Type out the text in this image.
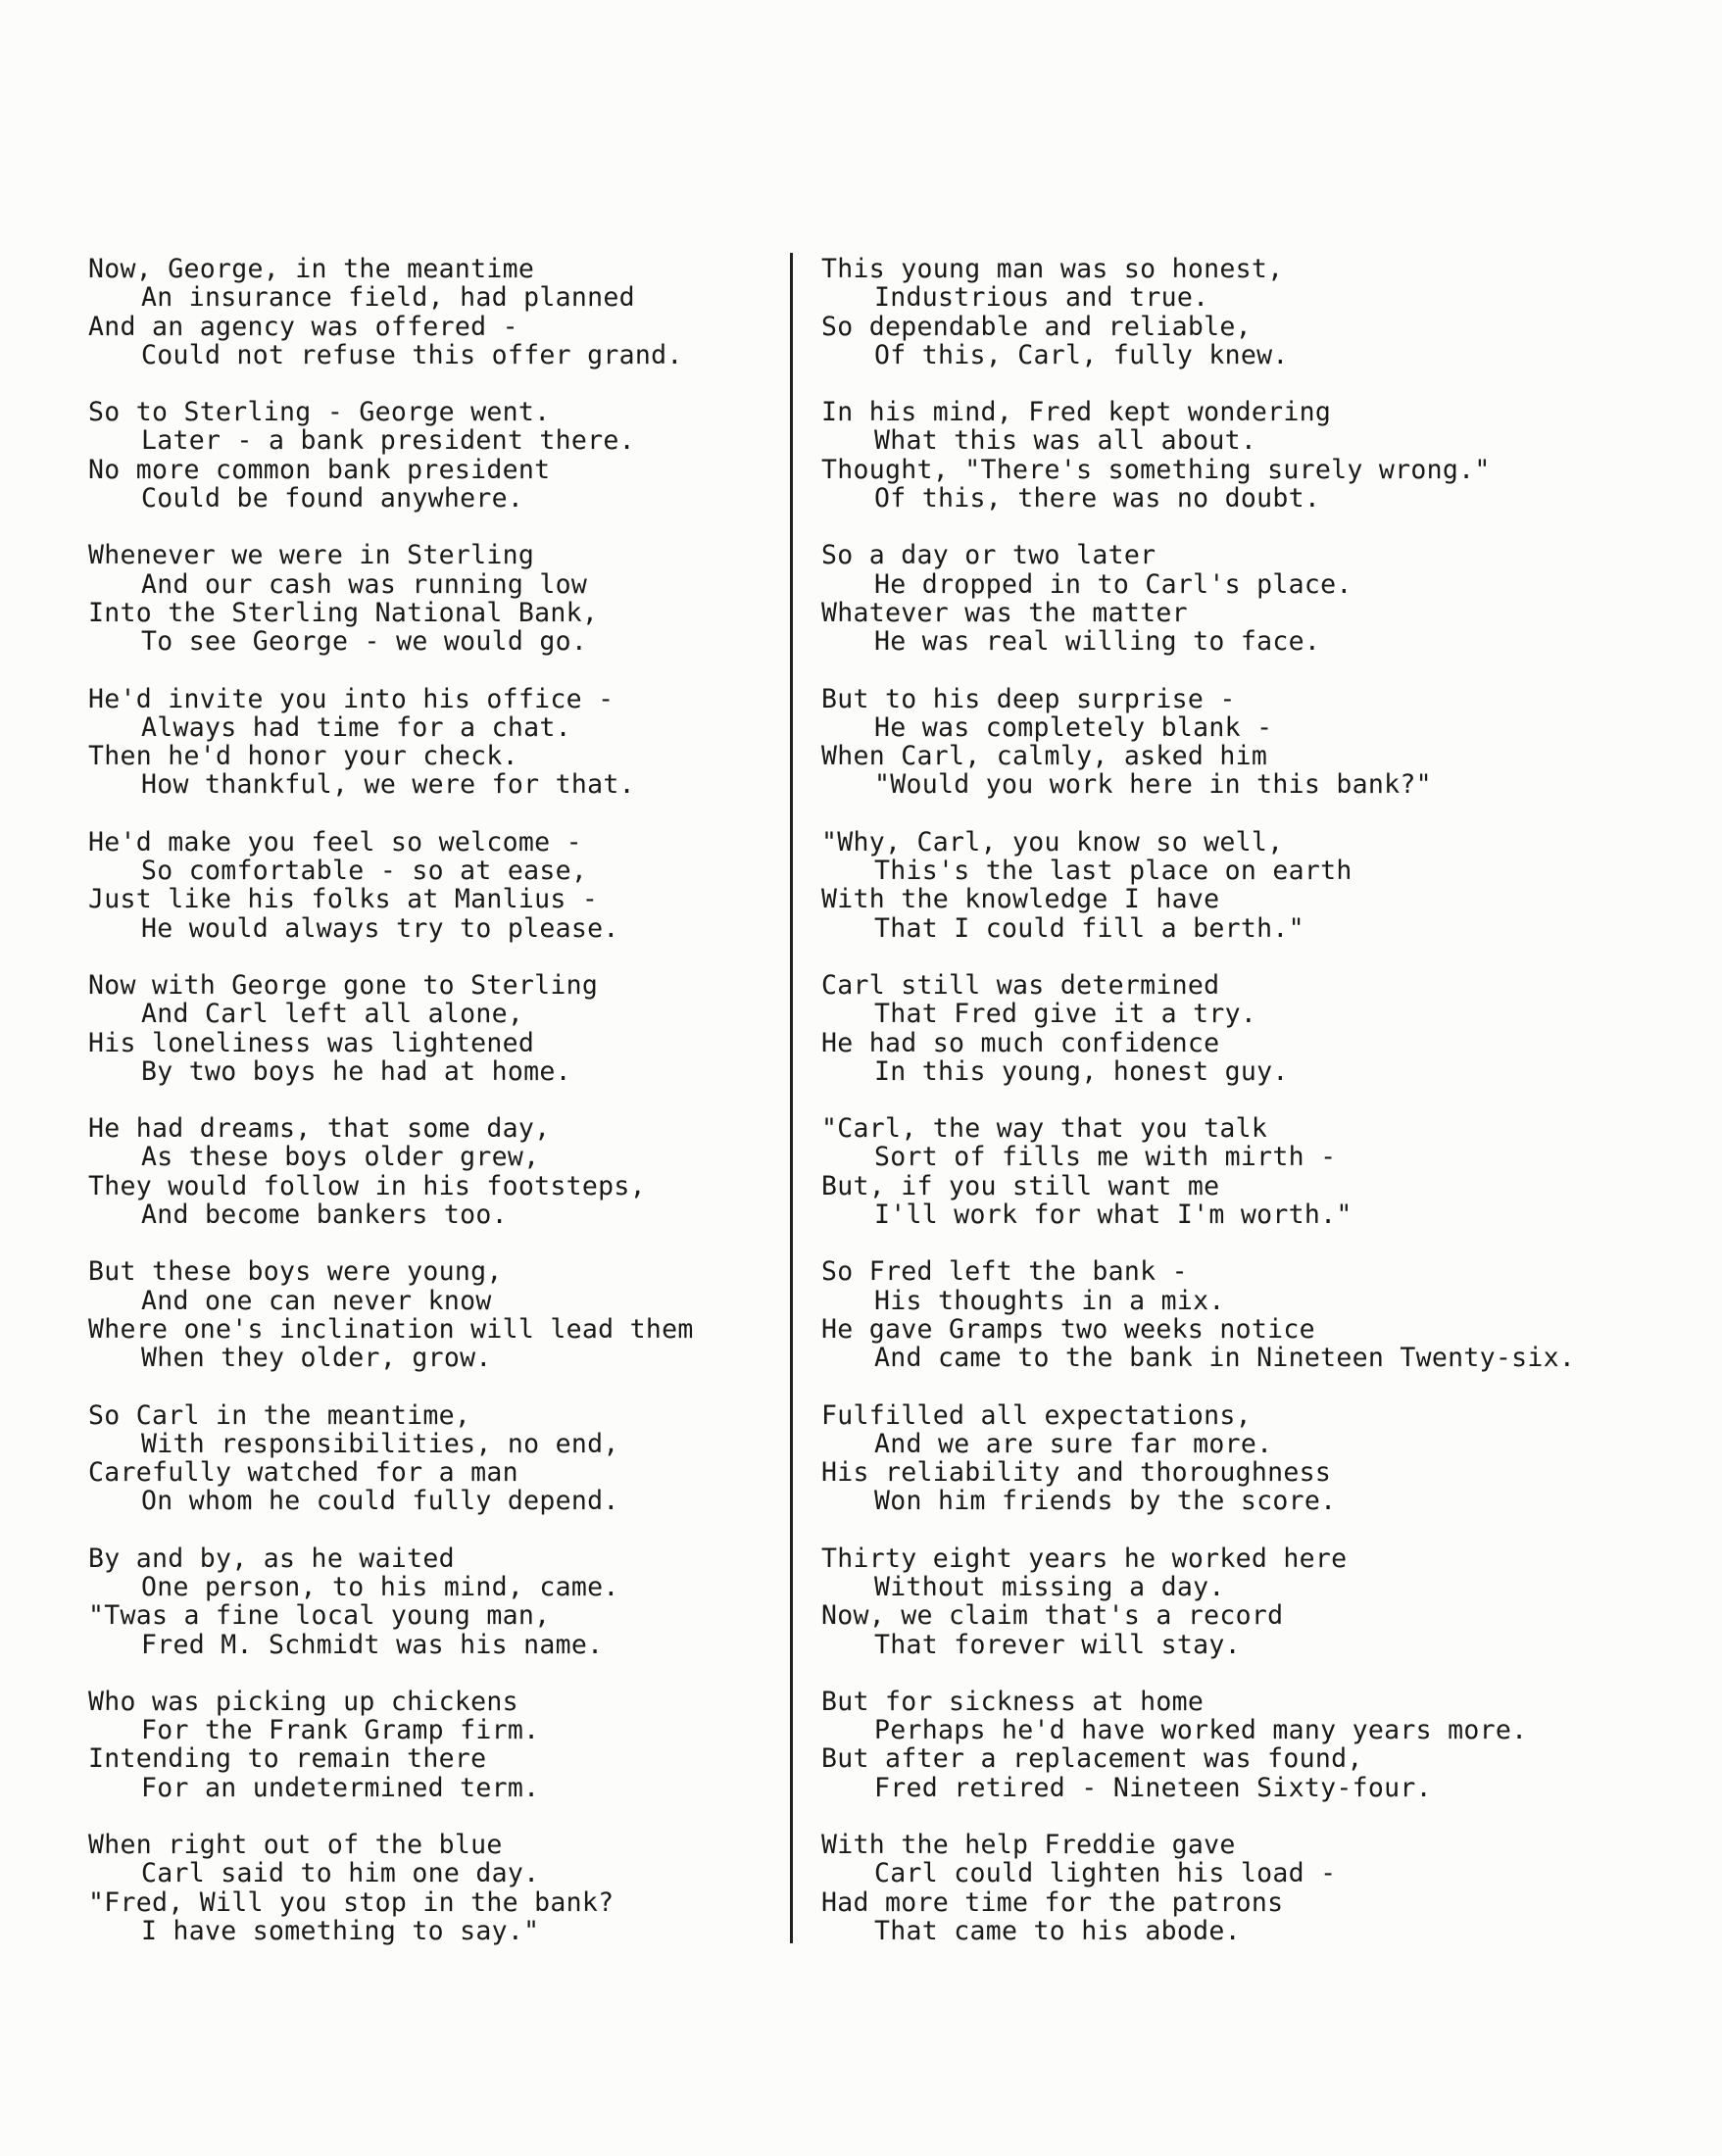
Now, George, in the meantime
An insurance field, had planned
And an agency was offered -
Could not refuse this offer grand.
So to Sterling - George went.
Later - a bank president there.
No more common bank president
Could be found anywhere.
Whenever we were in Sterling
And our cash was running low
Into the Sterling National Bank,
To see George - we would go.
He'd invite you into his office -
Always had time for a chat.
Then he'd honor your check.
How thankful, we were for that.
He'd make you feel so welcome -
So comfortable - so at ease,
Just like his folks at Manlius -
He would always try to please.
Now with George gone to Sterling
And Carl left all alone,
His loneliness was lightened
By two boys he had at home.
He had dreams, that some day,
As these boys older grew,
They would follow in his footsteps,
And become bankers too.
But these boys were young,
And one can never know
Where one's inclination will lead them
When they older, grow.
So Carl in the meantime,
With responsibilities, no end,
Carefully watched for a man
On whom he could fully depend.
By and by, as he waited
One person, to his mind, came.
"Twas a fine local young man,
Fred M. Schmidt was his name.
Who was picking up chickens
For the Frank Gramp firm.
Intending to remain there
For an undetermined term.
When right out of the blue
Carl said to him one day.
"Fred, Will you stop in the bank?
I have something to say."
This young man was so honest,
Industrious and true.
So dependable and reliable,
Of this, Carl, fully knew.
In his mind, Fred kept wondering
What this was all about.
Thought, "There's something surely wrong."
Of this, there was no doubt.
So a day or two later
He dropped in to Carl's place.
Whatever was the matter
He was real willing to face.
But to his deep surprise -
He was completely blank -
When Carl, calmly, asked him
"Would you work here in this bank?"
"Why, Carl, you know so well,
This's the last place on earth
With the knowledge I have
That I could fill a berth."
Carl still was determined
That Fred give it a try.
He had so much confidence
In this young, honest guy.
"Carl, the way that you talk
Sort of fills me with mirth -
But, if you still want me
I'll work for what I'm worth."
So Fred left the bank -
His thoughts in a mix.
He gave Gramps two weeks notice
And came to the bank in Nineteen Twenty-six.
Fulfilled all expectations,
And we are sure far more.
His reliability and thoroughness
Won him friends by the score.
Thirty eight years he worked here
Without missing a day.
Now, we claim that's a record
That forever will stay.
But for sickness at home
Perhaps he'd have worked many years more.
But after a replacement was found,
Fred retired - Nineteen Sixty-four.
With the help Freddie gave
Carl could lighten his load -
Had more time for the patrons
That came to his abode.
